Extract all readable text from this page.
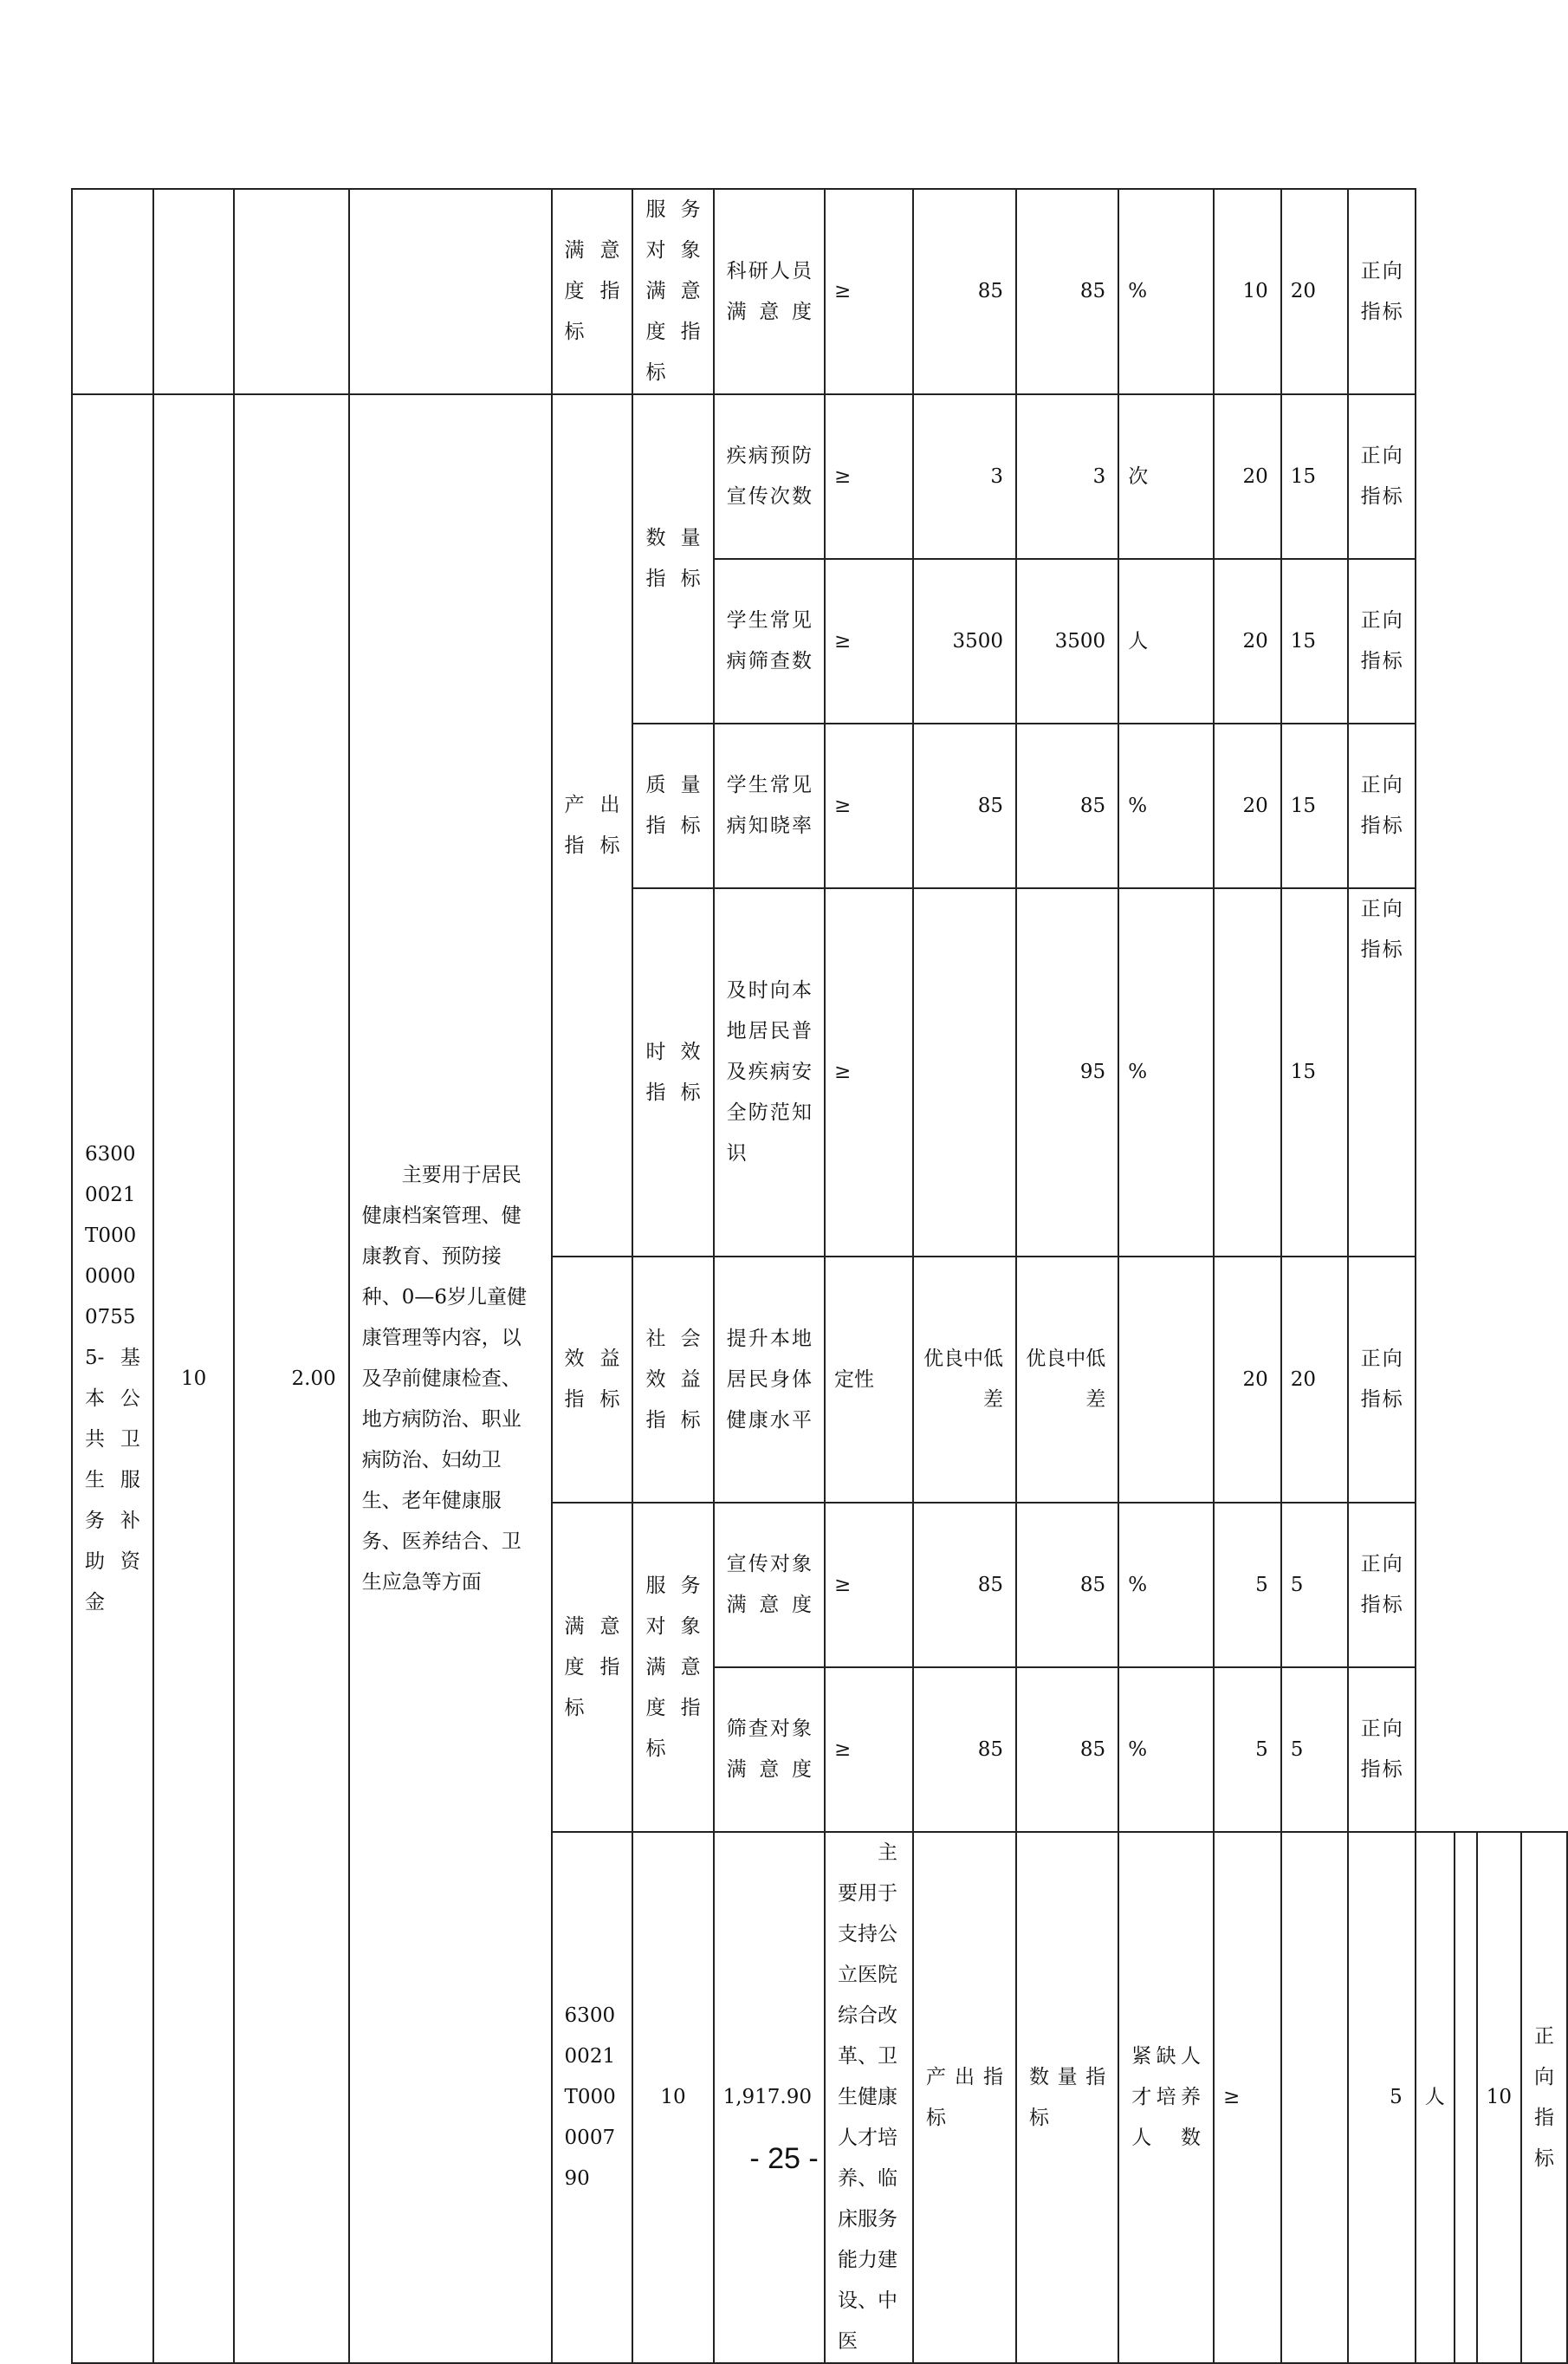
				满意度指标	服务对象满意度指标	科研人员满意度	≥	85	85	%	10	20	正向指标				
63000021T000000007555-基本公共卫生服务补助资金	10	2.00	主要用于居民健康档案管理、健康教育、预防接种、0—6岁儿童健康管理等内容，以及孕前健康检查、地方病防治、职业病防治、妇幼卫生、老年健康服务、医养结合、卫生应急等方面	产出指标	数量指标	疾病预防宣传次数	≥	3	3	次	20	15	正向指标				
						学生常见病筛查数	≥	3500	3500	人	20	15	正向指标				
					质量指标	学生常见病知晓率	≥	85	85	%	20	15	正向指标				
					时效指标	及时向本地居民普及疾病安全防范知识	≥		95	%		15	正向指标				
				效益指标	社会效益指标	提升本地居民身体健康水平	定性	优良中低差	优良中低差		20	20	正向指标				
				满意度指标	服务对象满意度指标	宣传对象满意度	≥	85	85	%	5	5	正向指标				
						筛查对象满意度	≥	85	85	%	5	5	正向指标				
				63000021T000000790	10	1,917.90	主要用于支持公立医院综合改革、卫生健康人才培养、临床服务能力建设、中医	产出指标	数量指标	紧缺人才培养人数	≥		5	人		10	正向指标
- 25 -
